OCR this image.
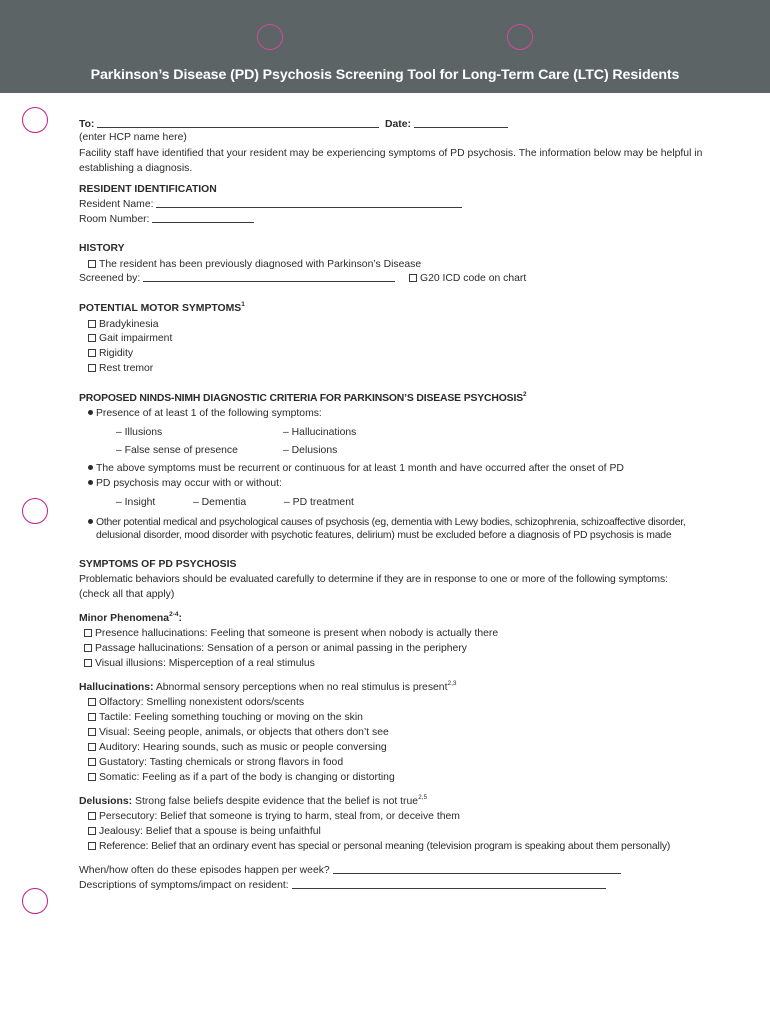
Parkinson’s Disease (PD) Psychosis Screening Tool for Long-Term Care (LTC) Residents
To:	Date:
(enter HCP name here)
Facility staff have identified that your resident may be experiencing symptoms of PD psychosis. The information below may be helpful in establishing a diagnosis.
RESIDENT IDENTIFICATION
Resident Name:
Room Number:
HISTORY
The resident has been previously diagnosed with Parkinson’s Disease
Screened by:	G20 ICD code on chart
POTENTIAL MOTOR SYMPTOMS$^1$
Bradykinesia
Gait impairment
Rigidity
Rest tremor
PROPOSED NINDS-NIMH DIAGNOSTIC CRITERIA FOR PARKINSON’S DISEASE PSYCHOSIS$^2$
Presence of at least 1 of the following symptoms:
– Illusions	– Hallucinations
– False sense of presence	– Delusions
The above symptoms must be recurrent or continuous for at least 1 month and have occurred after the onset of PD
PD psychosis may occur with or without:
– Insight	– Dementia	– PD treatment
Other potential medical and psychological causes of psychosis (eg, dementia with Lewy bodies, schizophrenia, schizoaffective disorder,
delusional disorder, mood disorder with psychotic features, delirium) must be excluded before a diagnosis of PD psychosis is made
SYMPTOMS OF PD PSYCHOSIS
Problematic behaviors should be evaluated carefully to determine if they are in response to one or more of the following symptoms:
(check all that apply)
Minor Phenomena$^{2-4}$:
Presence hallucinations: Feeling that someone is present when nobody is actually there
Passage hallucinations: Sensation of a person or animal passing in the periphery
Visual illusions: Misperception of a real stimulus
Hallucinations: Abnormal sensory perceptions when no real stimulus is present$^{2,3}$
Olfactory: Smelling nonexistent odors/scents
Tactile: Feeling something touching or moving on the skin
Visual: Seeing people, animals, or objects that others don’t see
Auditory: Hearing sounds, such as music or people conversing
Gustatory: Tasting chemicals or strong flavors in food
Somatic: Feeling as if a part of the body is changing or distorting
Delusions: Strong false beliefs despite evidence that the belief is not true$^{2,5}$
Persecutory: Belief that someone is trying to harm, steal from, or deceive them
Jealousy: Belief that a spouse is being unfaithful
Reference: Belief that an ordinary event has special or personal meaning (television program is speaking about them personally)
When/how often do these episodes happen per week?
Descriptions of symptoms/impact on resident:
